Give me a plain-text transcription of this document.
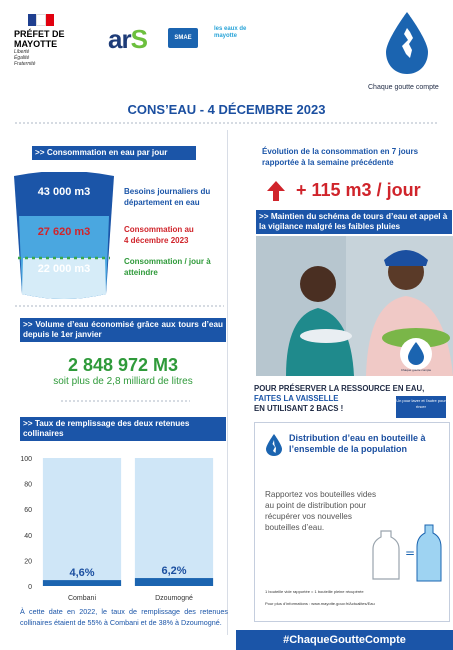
PRÉFET DE MAYOTTE
Liberté
Égalité
Fraternité
arS	SMAE
les eaux de mayotte
Chaque goutte compte
CONS’EAU - 4 DÉCEMBRE 2023
>> Consommation en eau par jour
43 000 m3
27 620 m3
22 000 m3
Besoins journaliers du département en eau
Consommation au
4 décembre 2023
Consommation / jour à atteindre
>> Volume d’eau économisé grâce aux tours d’eau depuis le 1er janvier
2 848 972 M3
soit plus de 2,8 milliard de litres
>> Taux de remplissage des deux retenues collinaires
0
20
40
60
80
100
4,6%
Combani
6,2%
Dzoumogné
À cette date en 2022, le taux de remplissage des retenues collinaires étaient de 55% à Combani et de 38% à Dzoumogné.
Évolution de la consommation en 7 jours rapportée à la semaine précédente
+ 115 m3 / jour
>> Maintien du schéma de tours d’eau et appel à la vigilance malgré les faibles pluies
Chaque goutte compte
POUR PRÉSERVER LA RESSOURCE EN EAU,
FAITES LA VAISSELLE
EN UTILISANT 2 BACS !
Un pour laver et l’autre pour rincer
Distribution d’eau en bouteille à l’ensemble de la population
Rapportez vos bouteilles vides au point de distribution pour récupérer vos nouvelles bouteilles d’eau.
=
1 bouteille vide rapportée = 1 bouteille pleine récupérée
Pour plus d’informations : www.mayotte.gouv.fr/Actualites/Eau
#ChaqueGoutteCompte
